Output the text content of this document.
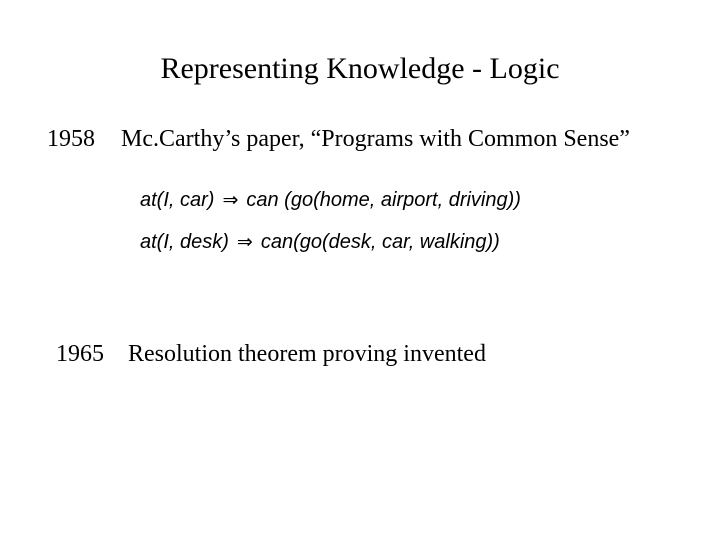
Representing Knowledge - Logic
1958 Mc.Carthy’s paper, “Programs with Common Sense”
at(I, car) ⇒ can (go(home, airport, driving))
at(I, desk) ⇒ can(go(desk, car, walking))
1965 Resolution theorem proving invented
